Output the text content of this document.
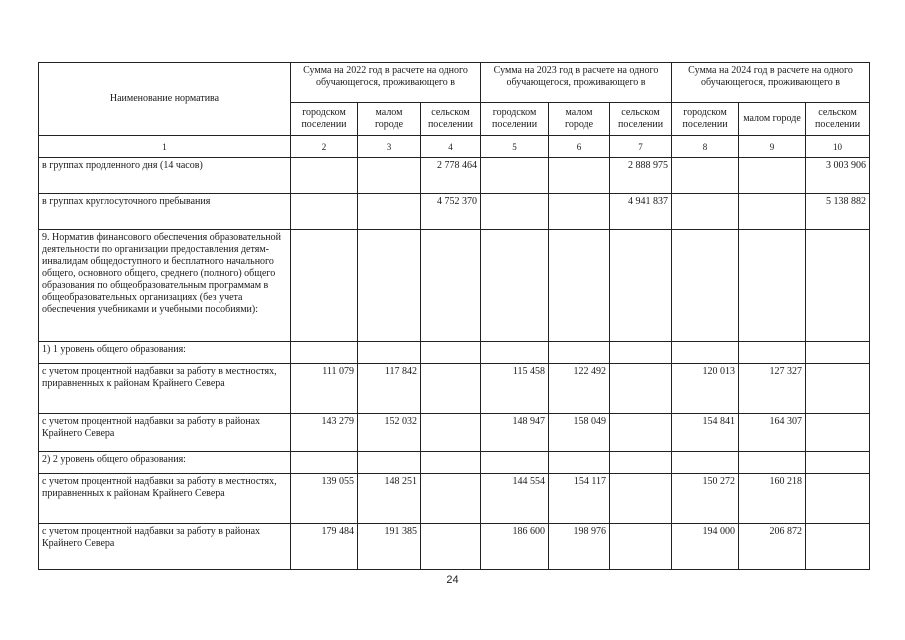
Наименование норматива	Сумма на 2022 год в расчете на одного обучающегося, проживающего в			Сумма на 2023 год в расчете на одного обучающегося, проживающего в			Сумма на 2024 год в расчете на одного обучающегося, проживающего в		

	городском поселении	малом городе	сельском поселении	городском поселении	малом городе	сельском поселении	городском поселении	малом городе	сельском поселении
1	2	3	4	5	6	7	8	9	10
в группах продленного дня (14 часов)			2 778 464			2 888 975			3 003 906
в группах круглосуточного пребывания			4 752 370			4 941 837			5 138 882
9. Норматив финансового обеспечения образовательной деятельности по организации предоставления детям-инвалидам общедоступного и бесплатного начального общего, основного общего, среднего (полного) общего образования по общеобразовательным программам в общеобразовательных организациях (без учета обеспечения учебниками и учебными пособиями):									
1) 1 уровень общего образования:									
с учетом процентной надбавки за работу в местностях, приравненных к районам Крайнего Севера	111 079	117 842		115 458	122 492		120 013	127 327	
с учетом процентной надбавки за работу в районах Крайнего Севера	143 279	152 032		148 947	158 049		154 841	164 307	
2) 2 уровень общего образования:									
с учетом процентной надбавки за работу в местностях, приравненных к районам Крайнего Севера	139 055	148 251		144 554	154 117		150 272	160 218	
с учетом процентной надбавки за работу в районах Крайнего Севера	179 484	191 385		186 600	198 976		194 000	206 872	
24
